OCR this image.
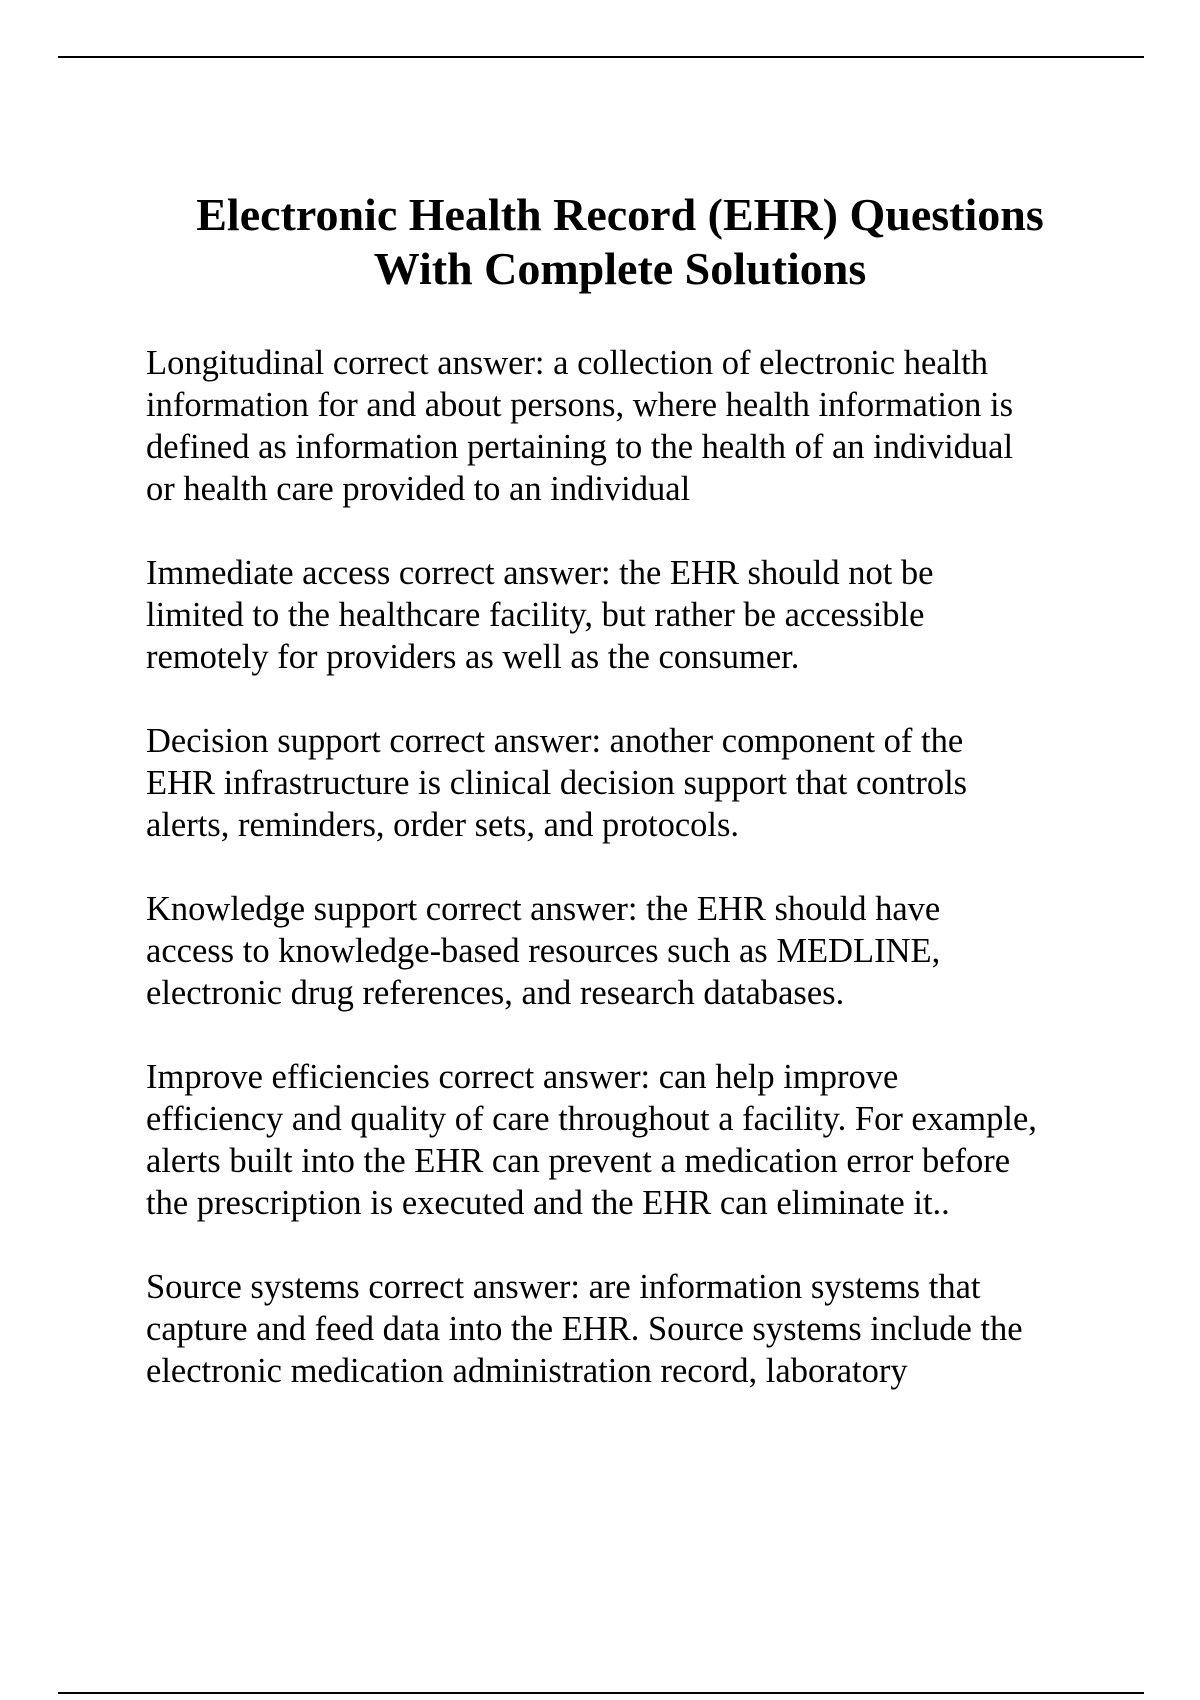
Electronic Health Record (EHR) Questions
With Complete Solutions

Longitudinal correct answer: a collection of electronic health
information for and about persons, where health information is
defined as information pertaining to the health of an individual
or health care provided to an individual

Immediate access correct answer: the EHR should not be
limited to the healthcare facility, but rather be accessible
remotely for providers as well as the consumer.

Decision support correct answer: another component of the
EHR infrastructure is clinical decision support that controls
alerts, reminders, order sets, and protocols.

Knowledge support correct answer: the EHR should have
access to knowledge-based resources such as MEDLINE,
electronic drug references, and research databases.

Improve efficiencies correct answer: can help improve
efficiency and quality of care throughout a facility. For example,
alerts built into the EHR can prevent a medication error before
the prescription is executed and the EHR can eliminate it..

Source systems correct answer: are information systems that
capture and feed data into the EHR. Source systems include the
electronic medication administration record, laboratory
